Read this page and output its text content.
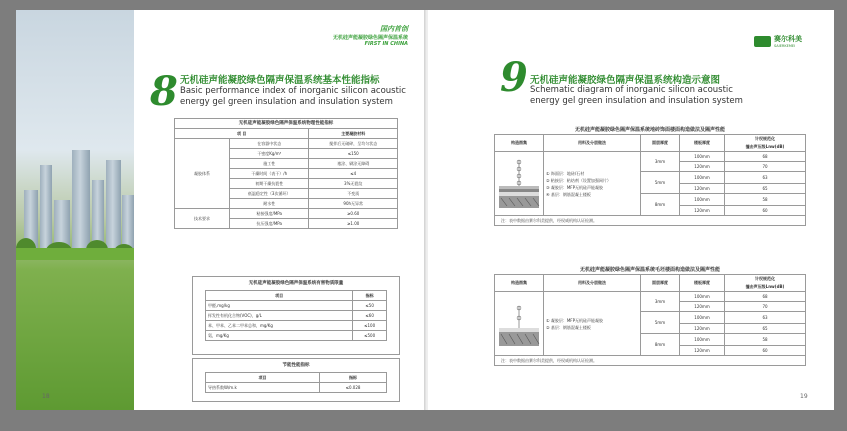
国内首创
无机硅声能凝胶绿色隔声保温系统
FIRST IN CHINA
8 无机硅声能凝胶绿色隔声保温系统基本性能指标
Basic performance index of inorganic silicon acoustic
energy gel green insulation and insulation system
无机硅声能凝胶绿色隔声保温系统物理性能指标		
项 目		主要凝胶材料
凝胶体系	在容器中状态	搅拌后无破碎，呈均匀状态
	干密度Kg/m³	≤150
	施工性	裱涂、刷涂无障碍
	干燥时间（表干）/h	≤4
	初期干燥抗裂性	3%无裂纹
	低温稳定性（3次循环）	不变质
	耐水性	90h无异常
技术要求	粘接强度/MPa	≥0.60
	抗压强度/MPa	≥1.00
无机硅声能凝胶绿色隔声保温系统有害物质限量
项目	指标
甲醛,mg/kg	≤50
挥发性有机化合物(VOC)，g/L	≤60
苯、甲苯、乙苯二甲苯总和，mg/Kg	≤100
氨，mg/Kg	≤500
节能性能指标
项目	指标
导热系数W/m.k	≤0.028
18
赛尔科美
SAIERKEMEI
9 无机硅声能凝胶绿色隔声保温系统构造示意图
Schematic diagram of inorganic silicon acoustic
energy gel green insulation and insulation system
无机硅声能凝胶绿色隔声保温系统地砖饰面楼面构造做法及隔声性能
构造图集	用料及分层做法	面层厚度	楼板厚度	计权规范化
撞击声压级Lnw(dB)

① 饰面层：地砖/石材
② 粘接层：粘结剂（设置加强网片）
③ 凝胶层：MFP无机硅声能凝胶
④ 基层：钢筋混凝土楼板	3mm	100mm	68
			120mm	70
		5mm	100mm	63
			120mm	65
		8mm	100mm	58
			120mm	60
注：表中数据由赛尔科美提供，经权威机构认证检测。				
无机硅声能凝胶绿色隔声保温系统毛坯楼面构造做法及隔声性能
构造图集	用料及分层做法	面层厚度	楼板厚度	计权规范化
撞击声压级Lnw(dB)

① 凝胶层：MFP无机硅声能凝胶
② 基层：钢筋混凝土楼板	3mm	100mm	68
			120mm	70
		5mm	100mm	63
			120mm	65
		8mm	100mm	58
			120mm	60
注：表中数据由赛尔科美提供，经权威机构认证检测。				
19
